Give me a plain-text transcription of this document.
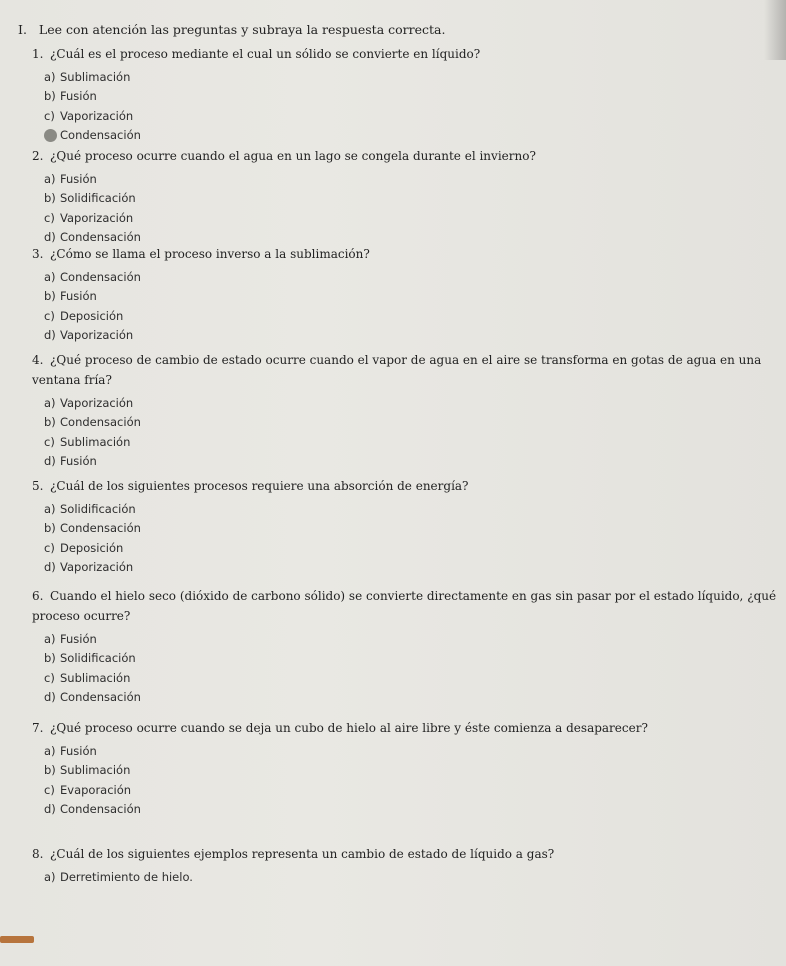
I. Lee con atención las preguntas y subraya la respuesta correcta.
1. ¿Cuál es el proceso mediante el cual un sólido se convierte en líquido?
a) Sublimación
b) Fusión
c) Vaporización
Condensación
2. ¿Qué proceso ocurre cuando el agua en un lago se congela durante el invierno?
a) Fusión
b) Solidificación
c) Vaporización
d) Condensación
3. ¿Cómo se llama el proceso inverso a la sublimación?
a) Condensación
b) Fusión
c) Deposición
d) Vaporización
4. ¿Qué proceso de cambio de estado ocurre cuando el vapor de agua en el aire se transforma en gotas de agua en una ventana fría?
a) Vaporización
b) Condensación
c) Sublimación
d) Fusión
5. ¿Cuál de los siguientes procesos requiere una absorción de energía?
a) Solidificación
b) Condensación
c) Deposición
d) Vaporización
6. Cuando el hielo seco (dióxido de carbono sólido) se convierte directamente en gas sin pasar por el estado líquido, ¿qué proceso ocurre?
a) Fusión
b) Solidificación
c) Sublimación
d) Condensación
7. ¿Qué proceso ocurre cuando se deja un cubo de hielo al aire libre y éste comienza a desaparecer?
a) Fusión
b) Sublimación
c) Evaporación
d) Condensación
8. ¿Cuál de los siguientes ejemplos representa un cambio de estado de líquido a gas?
a) Derretimiento de hielo.
